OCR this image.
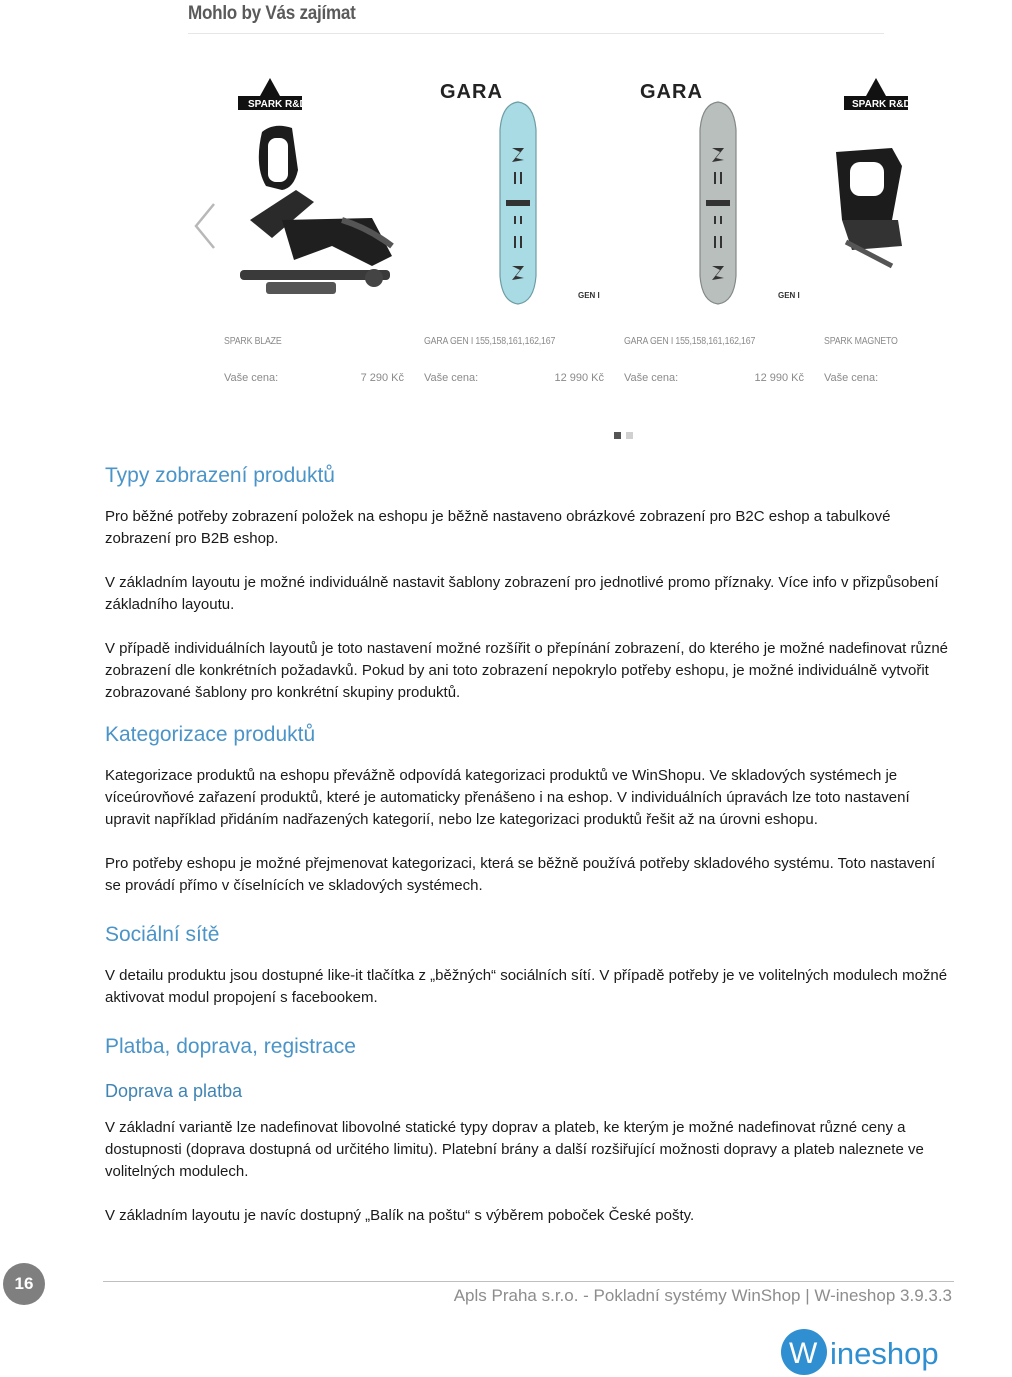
Mohlo by Vás zajímat
SPARK R&D
SPARK BLAZE
Vaše cena:	7 290 Kč
GARA
GEN I
GARA GEN I 155,158,161,162,167
Vaše cena:	12 990 Kč
GARA
GEN I
GARA GEN I 155,158,161,162,167
Vaše cena:	12 990 Kč
SPARK R&D
SPARK MAGNETO
Vaše cena:
Typy zobrazení produktů

Pro běžné potřeby zobrazení položek na eshopu je běžně nastaveno obrázkové zobrazení pro B2C eshop a tabulkové zobrazení pro B2B eshop.

V základním layoutu je možné individuálně nastavit šablony zobrazení pro jednotlivé promo příznaky. Více info v přizpůsobení základního layoutu.

V případě individuálních layoutů je toto nastavení možné rozšířit o přepínání zobrazení, do kterého je možné nadefinovat různé zobrazení dle konkrétních požadavků. Pokud by ani toto zobrazení nepokrylo potřeby eshopu, je možné individuálně vytvořit zobrazované šablony pro konkrétní skupiny produktů.

Kategorizace produktů

Kategorizace produktů na eshopu převážně odpovídá kategorizaci produktů ve WinShopu. Ve skladových systémech je víceúrovňové zařazení produktů, které je automaticky přenášeno i na eshop. V individuálních úpravách lze toto nastavení upravit například přidáním nadřazených kategorií, nebo lze kategorizaci produktů řešit až na úrovni eshopu.

Pro potřeby eshopu je možné přejmenovat kategorizaci, která se běžně používá potřeby skladového systému. Toto nastavení se provádí přímo v číselnících ve skladových systémech.

Sociální sítě

V detailu produktu jsou dostupné like-it tlačítka z „běžných“ sociálních sítí. V případě potřeby je ve volitelných modulech možné aktivovat modul propojení s facebookem.

Platba, doprava, registrace
Doprava a platba

V základní variantě lze nadefinovat libovolné statické typy doprav a plateb, ke kterým je možné nadefinovat různé ceny a dostupnosti (doprava dostupná od určitého limitu). Platební brány a další rozšiřující možnosti dopravy a plateb naleznete ve volitelných modulech.

V základním layoutu je navíc dostupný „Balík na poštu“ s výběrem poboček České pošty.

16
Apls Praha s.r.o. - Pokladní systémy WinShop | W-ineshop 3.9.3.3
W ineshop
